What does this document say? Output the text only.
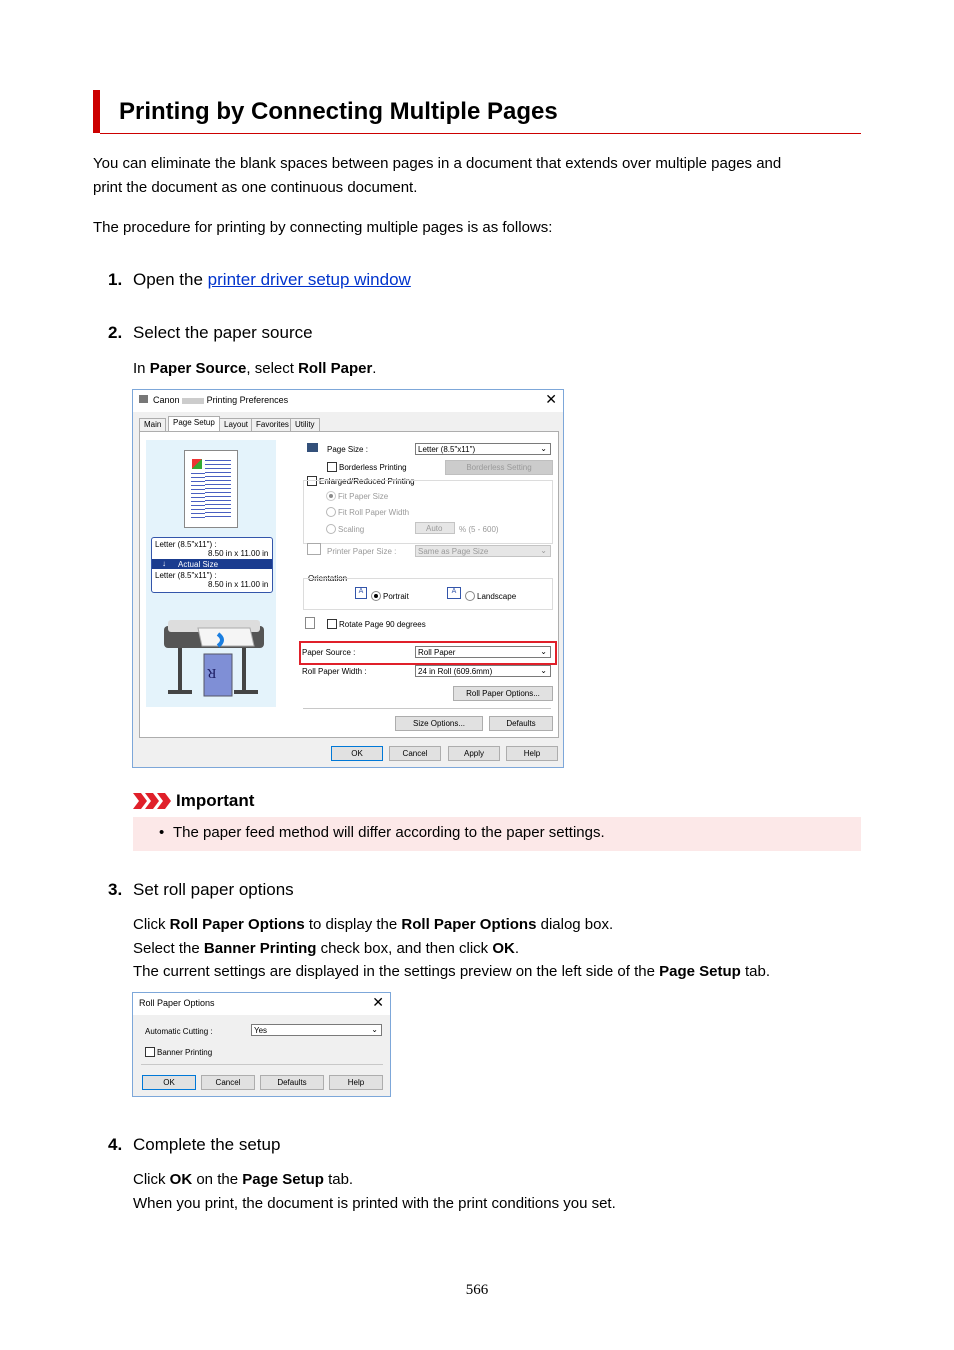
Printing by Connecting Multiple Pages
You can eliminate the blank spaces between pages in a document that extends over multiple pages and
print the document as one continuous document.
The procedure for printing by connecting multiple pages is as follows:
1. Open the printer driver setup window
2. Select the paper source
In Paper Source, select Roll Paper.
Canon	Printing Preferences	✕
Main	Page Setup	Layout Favorites Utility
Letter (8.5"x11") :
8.50 in x 11.00 in
↓ Actual Size
Letter (8.5"x11") :
8.50 in x 11.00 in
R
Page Size :	Letter (8.5"x11")	⌄
Borderless Printing	Borderless Setting
Enlarged/Reduced Printing
Fit Paper Size
Fit Roll Paper Width
Scaling	Auto	% (5 - 600)
Printer Paper Size :	Same as Page Size	⌄
Orientation
A
Portrait
A
Landscape
Rotate Page 90 degrees
Paper Source :	Roll Paper	⌄
Roll Paper Width :	24 in Roll (609.6mm)	⌄
Roll Paper Options...
Size Options...	Defaults
OK	Cancel	Apply	Help
Important
• The paper feed method will differ according to the paper settings.
3. Set roll paper options
Click Roll Paper Options to display the Roll Paper Options dialog box.
Select the Banner Printing check box, and then click OK.
The current settings are displayed in the settings preview on the left side of the Page Setup tab.
Roll Paper Options	✕
Automatic Cutting :	Yes	⌄
Banner Printing
OK	Cancel	Defaults	Help
4. Complete the setup
Click OK on the Page Setup tab.
When you print, the document is printed with the print conditions you set.
566
